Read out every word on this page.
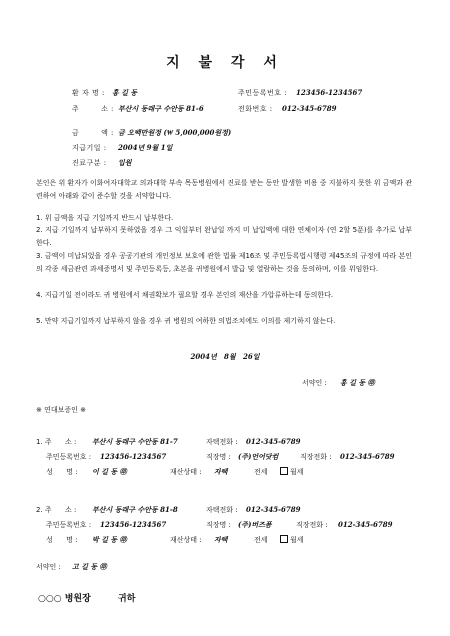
지 불 각 서
환 자 명 : 홍 길 동	주민등록번호 : 123456-1234567
주        소 : 부산시 동래구 수안동 81-6	전화번호 : 012-345-6789
금        액 : 금 오백만원정 (₩ 5,000,000원정)
지급기일 : 2004년 9월 1일
진료구분 : 입원
본인은 위 환자가 이화여자대학교 의과대학 부속 목동병원에서 진료를 받는 동안 발생한 비용 중 지불하지 못한 위 금액과 관련하여 아래와 같이 준수할 것을 서약합니다.
1. 위 금액을 지급 기일까지 반드시 납부한다.
2. 지급 기일까지 납부하지 못하였을 경우 그 익일부터 완납일 까지 미 납입액에 대한 연체이자 (연 2할 5푼)를 추가로 납부한다.
3. 금액이 미납되었을 경우 공공기관의 개인정보 보호에 관한 법률 제16조 및 주민등록법시행령 제45조의 규정에 따라 본인의 각종 세금관련 과세증명서 및 주민등록등, 초본을 귀병원에서 발급 및 열람하는 것을 동의하며, 이를 위임한다.
4. 지급기일 전이라도 귀 병원에서 채권확보가 필요할 경우 본인의 재산을 가압류하는데 동의한다.
5. 만약 지급기일까지 납부하지 않을 경우 귀 병원의 여하한 의법조치에도 이의를 제기하지 않는다.
2004년   8월   26일
서약인 : 홍 길 동 ㊞
※ 연대보증인 ※
1. 주      소 : 부산시 동래구 수안동 81-7	자택전화 : 012-345-6789
주민등록번호 : 123456-1234567	직장명 : (주)언어닷컴	직장전화 : 012-345-6789
성      명 : 이 길 동 ㊞	재산상태 : 자택	전세	월세
2. 주      소 : 부산시 동래구 수안동 81-8	자택전화 : 012-345-6789
주민등록번호 : 123456-1234567	직장명 : (주)버즈폼	직장전화 : 012-345-6789
성      명 : 박 길 동 ㊞	재산상태 : 자택	전세	월세
서약인 : 고 길 동 ㊞
○○○ 병원장	귀하
